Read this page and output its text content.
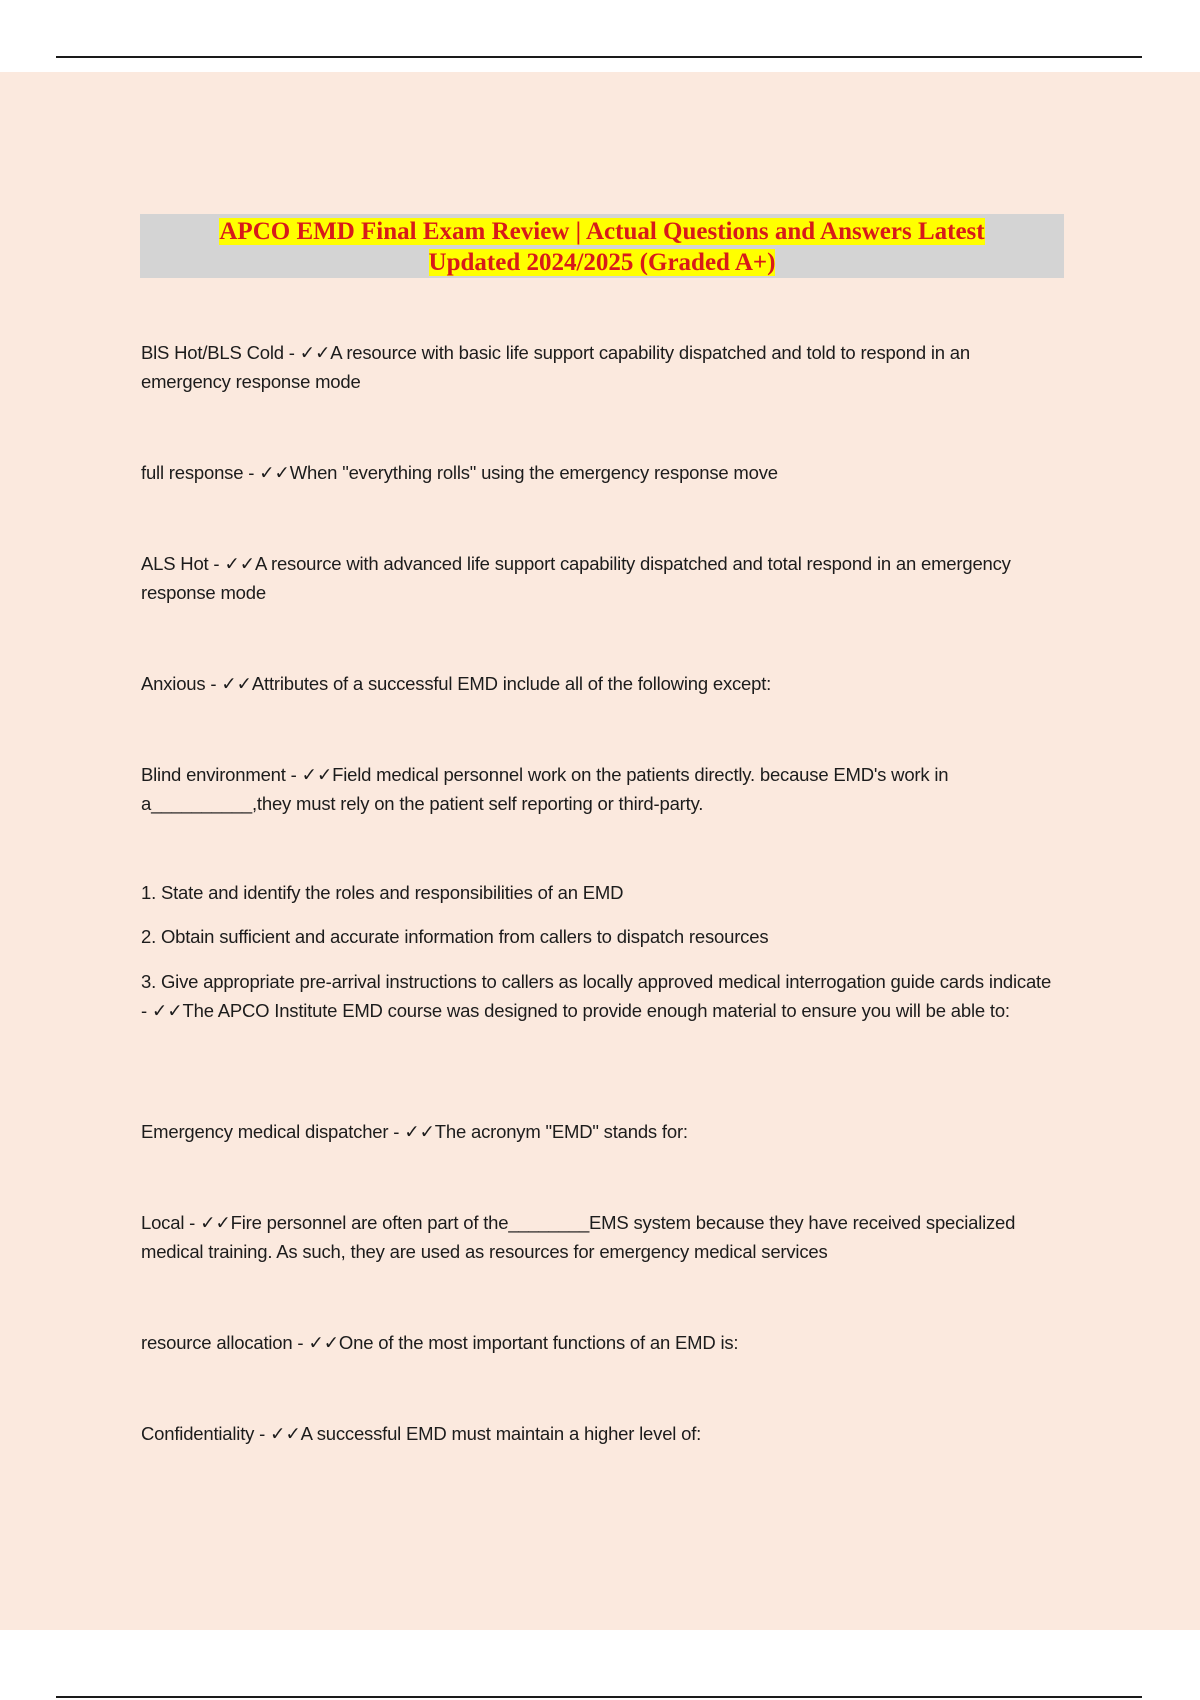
APCO EMD Final Exam Review | Actual Questions and Answers Latest
Updated 2024/2025 (Graded A+)

BlS Hot/BLS Cold - ✓✓A resource with basic life support capability dispatched and told to respond in an emergency response mode

full response - ✓✓When "everything rolls" using the emergency response move

ALS Hot - ✓✓A resource with advanced life support capability dispatched and total respond in an emergency response mode

Anxious - ✓✓Attributes of a successful EMD include all of the following except:

Blind environment - ✓✓Field medical personnel work on the patients directly. because EMD's work in a__________,they must rely on the patient self reporting or third-party.

1. State and identify the roles and responsibilities of an EMD

2. Obtain sufficient and accurate information from callers to dispatch resources

3. Give appropriate pre-arrival instructions to callers as locally approved medical interrogation guide cards indicate - ✓✓The APCO Institute EMD course was designed to provide enough material to ensure you will be able to:

Emergency medical dispatcher - ✓✓The acronym "EMD" stands for:

Local - ✓✓Fire personnel are often part of the________EMS system because they have received specialized medical training. As such, they are used as resources for emergency medical services

resource allocation - ✓✓One of the most important functions of an EMD is:

Confidentiality - ✓✓A successful EMD must maintain a higher level of:
